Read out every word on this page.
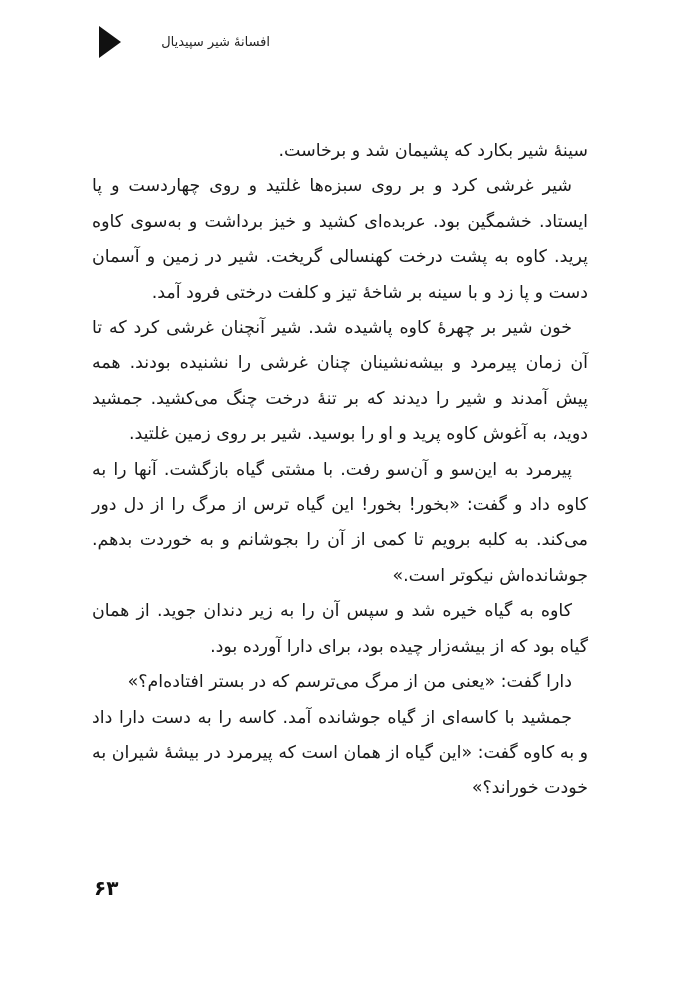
افسانهٔ شیر سپیدیال

سینهٔ شیر بکارد که پشیمان شد و برخاست.

شیر غرشی کرد و بر روی سبزه‌ها غلتید و روی چهاردست و پا ایستاد. خشمگین بود. عربده‌ای کشید و خیز برداشت و به‌سوی کاوه پرید. کاوه به پشت درخت کهنسالی گریخت. شیر در زمین و آسمان دست و پا زد و با سینه بر شاخهٔ تیز و کلفت درختی فرود آمد.

خون شیر بر چهرهٔ کاوه پاشیده شد. شیر آنچنان غرشی کرد که تا آن زمان پیرمرد و بیشه‌نشینان چنان غرشی را نشنیده بودند. همه پیش آمدند و شیر را دیدند که بر تنهٔ درخت چنگ می‌کشید. جمشید دوید، به آغوش کاوه پرید و او را بوسید. شیر بر روی زمین غلتید.

پیرمرد به این‌سو و آن‌سو رفت. با مشتی گیاه بازگشت. آنها را به کاوه داد و گفت: «بخور! بخور! این گیاه ترس از مرگ را از دل دور می‌کند. به کلبه برویم تا کمی از آن را بجوشانم و به خوردت بدهم. جوشانده‌اش نیکوتر است.»

کاوه به گیاه خیره شد و سپس آن را به زیر دندان جوید. از همان گیاه بود که از بیشه‌زار چیده بود، برای دارا آورده بود.

دارا گفت: «یعنی من از مرگ می‌ترسم که در بستر افتاده‌ام؟»

جمشید با کاسه‌ای از گیاه جوشانده آمد. کاسه را به دست دارا داد و به کاوه گفت: «این گیاه از همان است که پیرمرد در بیشهٔ شیران به خودت خوراند؟»

۶۳
